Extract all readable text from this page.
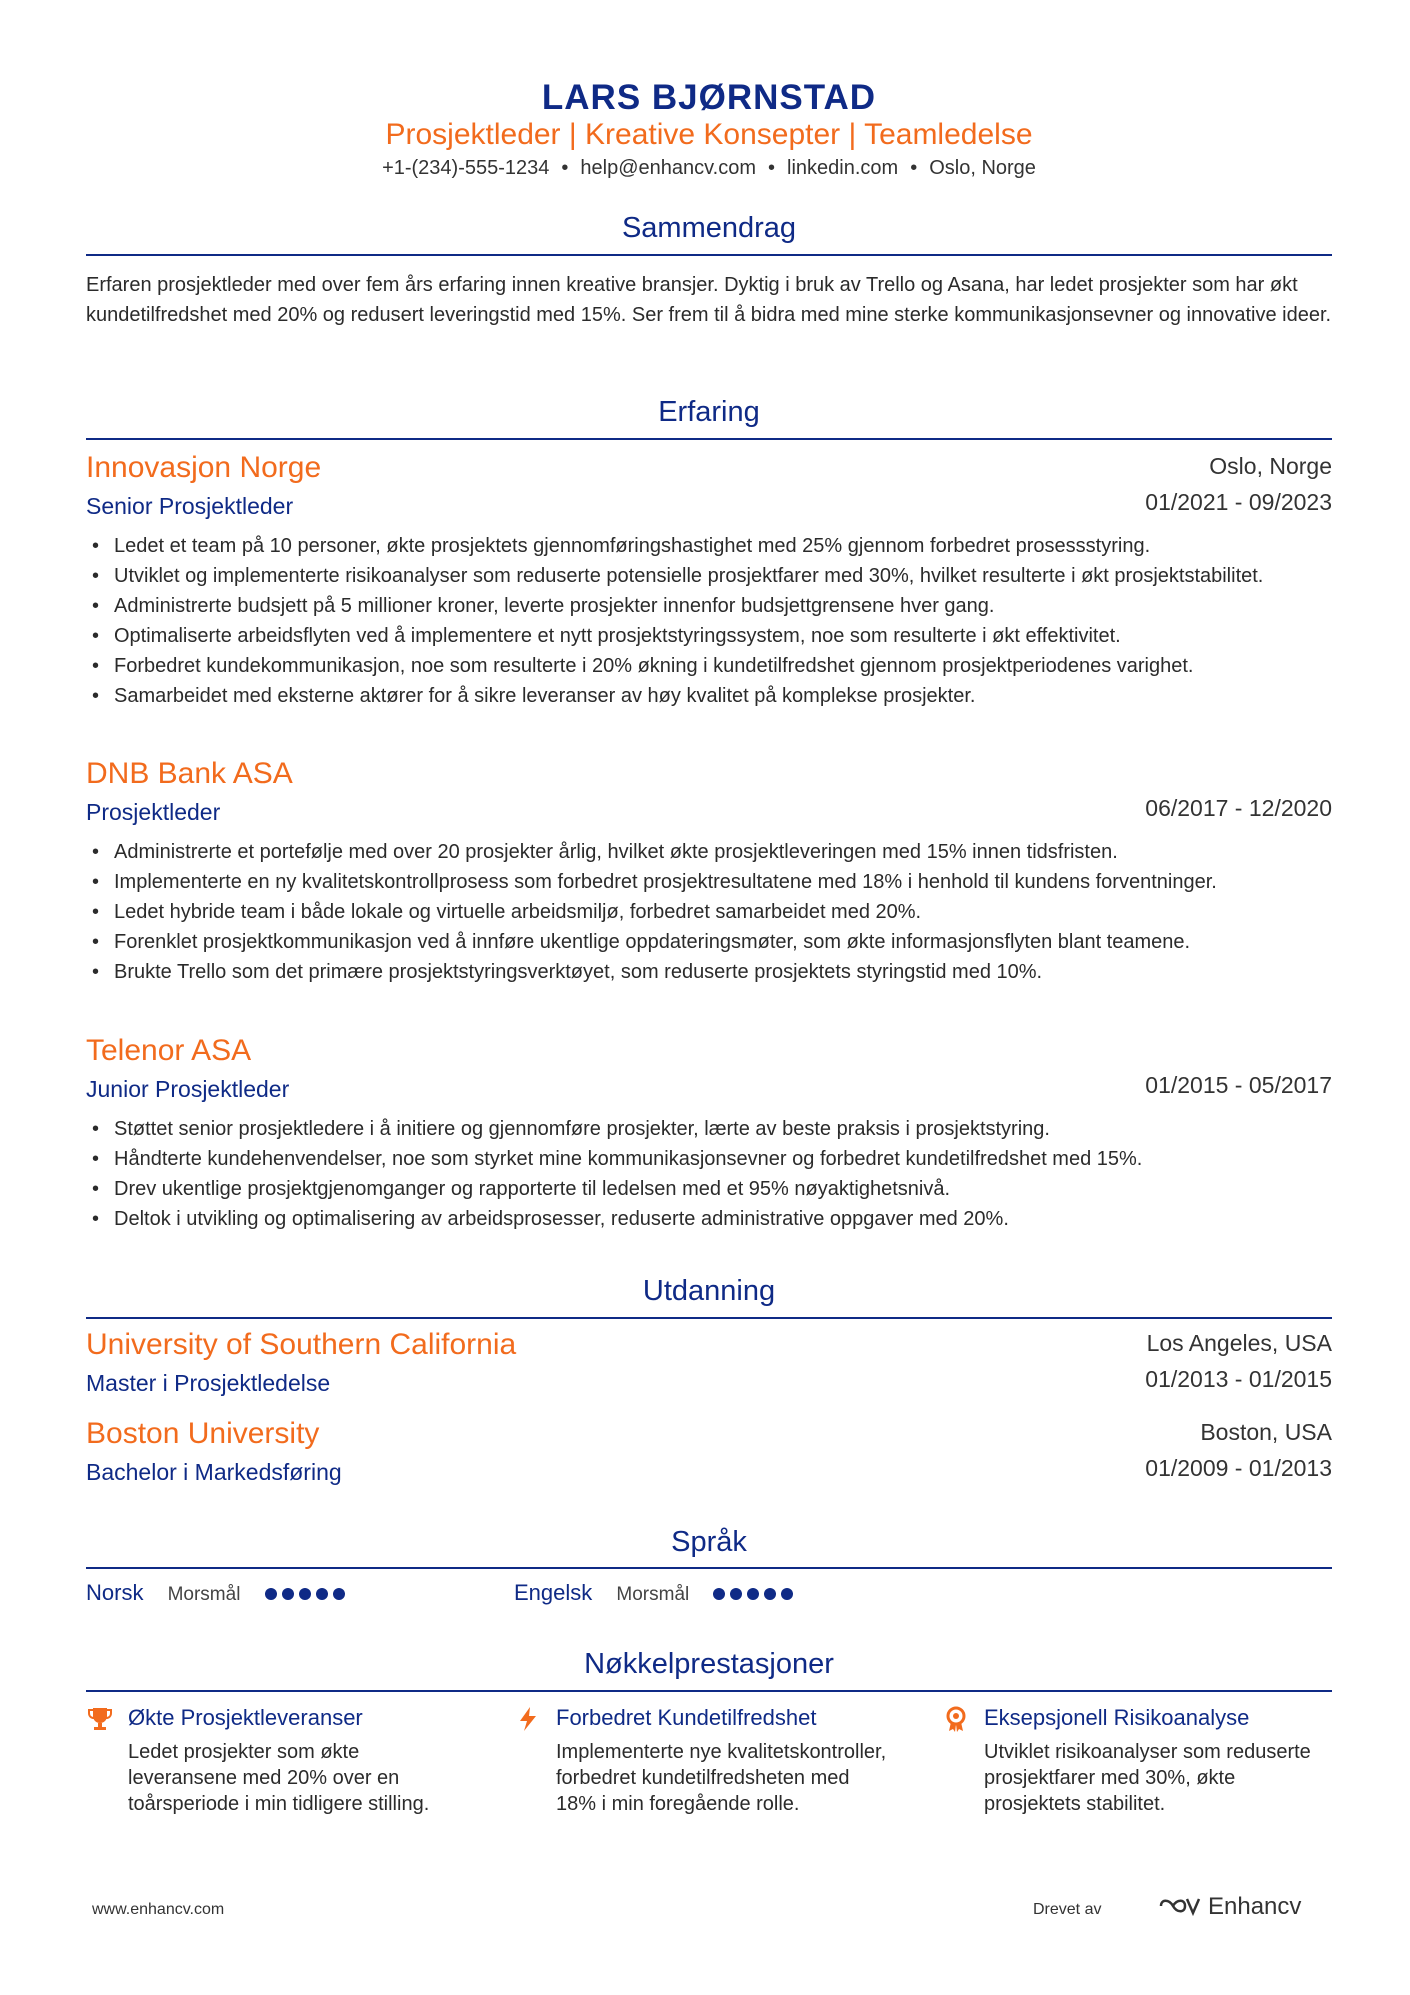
LARS BJØRNSTAD
Prosjektleder | Kreative Konsepter | Teamledelse
+1-(234)-555-1234 • help@enhancv.com • linkedin.com • Oslo, Norge
Sammendrag
Erfaren prosjektleder med over fem års erfaring innen kreative bransjer. Dyktig i bruk av Trello og Asana, har ledet prosjekter som har økt kundetilfredshet med 20% og redusert leveringstid med 15%. Ser frem til å bidra med mine sterke kommunikasjonsevner og innovative ideer.
Erfaring
Innovasjon Norge	Oslo, Norge
Senior Prosjektleder	01/2021 - 09/2023
• Ledet et team på 10 personer, økte prosjektets gjennomføringshastighet med 25% gjennom forbedret prosessstyring.
• Utviklet og implementerte risikoanalyser som reduserte potensielle prosjektfarer med 30%, hvilket resulterte i økt prosjektstabilitet.
• Administrerte budsjett på 5 millioner kroner, leverte prosjekter innenfor budsjettgrensene hver gang.
• Optimaliserte arbeidsflyten ved å implementere et nytt prosjektstyringssystem, noe som resulterte i økt effektivitet.
• Forbedret kundekommunikasjon, noe som resulterte i 20% økning i kundetilfredshet gjennom prosjektperiodenes varighet.
• Samarbeidet med eksterne aktører for å sikre leveranser av høy kvalitet på komplekse prosjekter.
DNB Bank ASA
Prosjektleder	06/2017 - 12/2020
• Administrerte et portefølje med over 20 prosjekter årlig, hvilket økte prosjektleveringen med 15% innen tidsfristen.
• Implementerte en ny kvalitetskontrollprosess som forbedret prosjektresultatene med 18% i henhold til kundens forventninger.
• Ledet hybride team i både lokale og virtuelle arbeidsmiljø, forbedret samarbeidet med 20%.
• Forenklet prosjektkommunikasjon ved å innføre ukentlige oppdateringsmøter, som økte informasjonsflyten blant teamene.
• Brukte Trello som det primære prosjektstyringsverktøyet, som reduserte prosjektets styringstid med 10%.
Telenor ASA
Junior Prosjektleder	01/2015 - 05/2017
• Støttet senior prosjektledere i å initiere og gjennomføre prosjekter, lærte av beste praksis i prosjektstyring.
• Håndterte kundehenvendelser, noe som styrket mine kommunikasjonsevner og forbedret kundetilfredshet med 15%.
• Drev ukentlige prosjektgjenomganger og rapporterte til ledelsen med et 95% nøyaktighetsnivå.
• Deltok i utvikling og optimalisering av arbeidsprosesser, reduserte administrative oppgaver med 20%.
Utdanning
University of Southern California	Los Angeles, USA
Master i Prosjektledelse	01/2013 - 01/2015
Boston University	Boston, USA
Bachelor i Markedsføring	01/2009 - 01/2013
Språk
Norsk Morsmål	Engelsk Morsmål
Nøkkelprestasjoner
Økte Prosjektleveranser
Ledet prosjekter som økte leveransene med 20% over en toårsperiode i min tidligere stilling.
Forbedret Kundetilfredshet
Implementerte nye kvalitetskontroller, forbedret kundetilfredsheten med 18% i min foregående rolle.
Eksepsjonell Risikoanalyse
Utviklet risikoanalyser som reduserte prosjektfarer med 30%, økte prosjektets stabilitet.
www.enhancv.com	Drevet av	Enhancv
